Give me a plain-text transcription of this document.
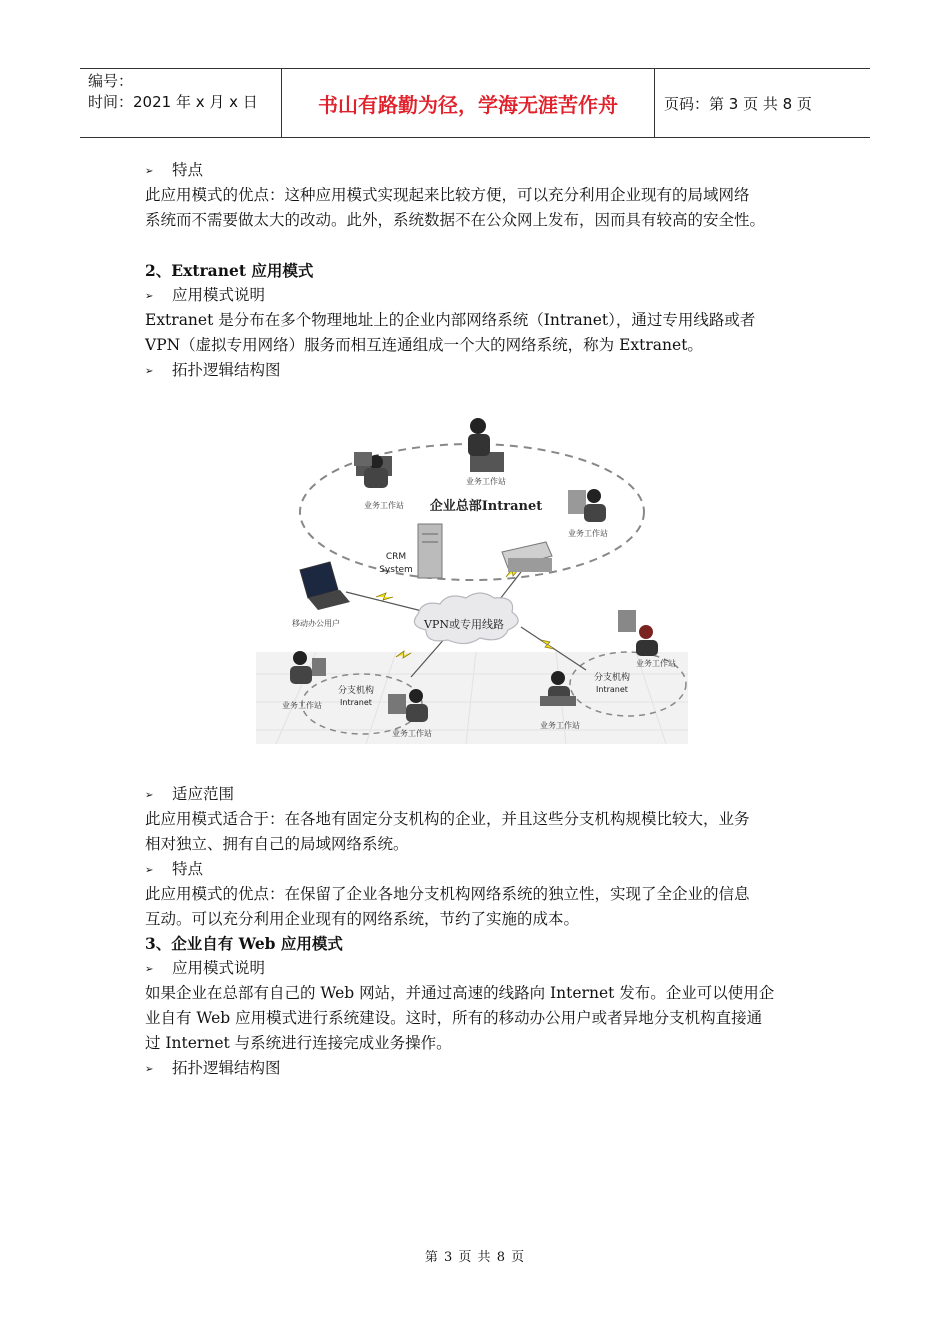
编号：
时间：2021 年 x 月 x 日	书山有路勤为径，学海无涯苦作舟	页码：第 3 页 共 8 页
➢ 特点
此应用模式的优点：这种应用模式实现起来比较方便，可以充分利用企业现有的局域网络
系统而不需要做太大的改动。此外，系统数据不在公众网上发布，因而具有较高的安全性。
2、Extranet 应用模式
➢ 应用模式说明
Extranet 是分布在多个物理地址上的企业内部网络系统（Intranet），通过专用线路或者
VPN（虚拟专用网络）服务而相互连通组成一个大的网络系统，称为 Extranet。
➢ 拓扑逻辑结构图
VPN或专用线路
业务工作站
业务工作站
业务工作站
企业总部Intranet
CRM
System
移动办公用户
业务工作站
分支机构
Intranet
业务工作站
业务工作站
分支机构
Intranet
业务工作站
➢ 适应范围
此应用模式适合于：在各地有固定分支机构的企业，并且这些分支机构规模比较大，业务
相对独立、拥有自己的局域网络系统。
➢ 特点
此应用模式的优点：在保留了企业各地分支机构网络系统的独立性，实现了全企业的信息
互动。可以充分利用企业现有的网络系统，节约了实施的成本。
3、企业自有 Web 应用模式
➢ 应用模式说明
如果企业在总部有自己的 Web 网站，并通过高速的线路向 Internet 发布。企业可以使用企
业自有 Web 应用模式进行系统建设。这时，所有的移动办公用户或者异地分支机构直接通
过 Internet 与系统进行连接完成业务操作。
➢ 拓扑逻辑结构图
第 3 页 共 8 页
